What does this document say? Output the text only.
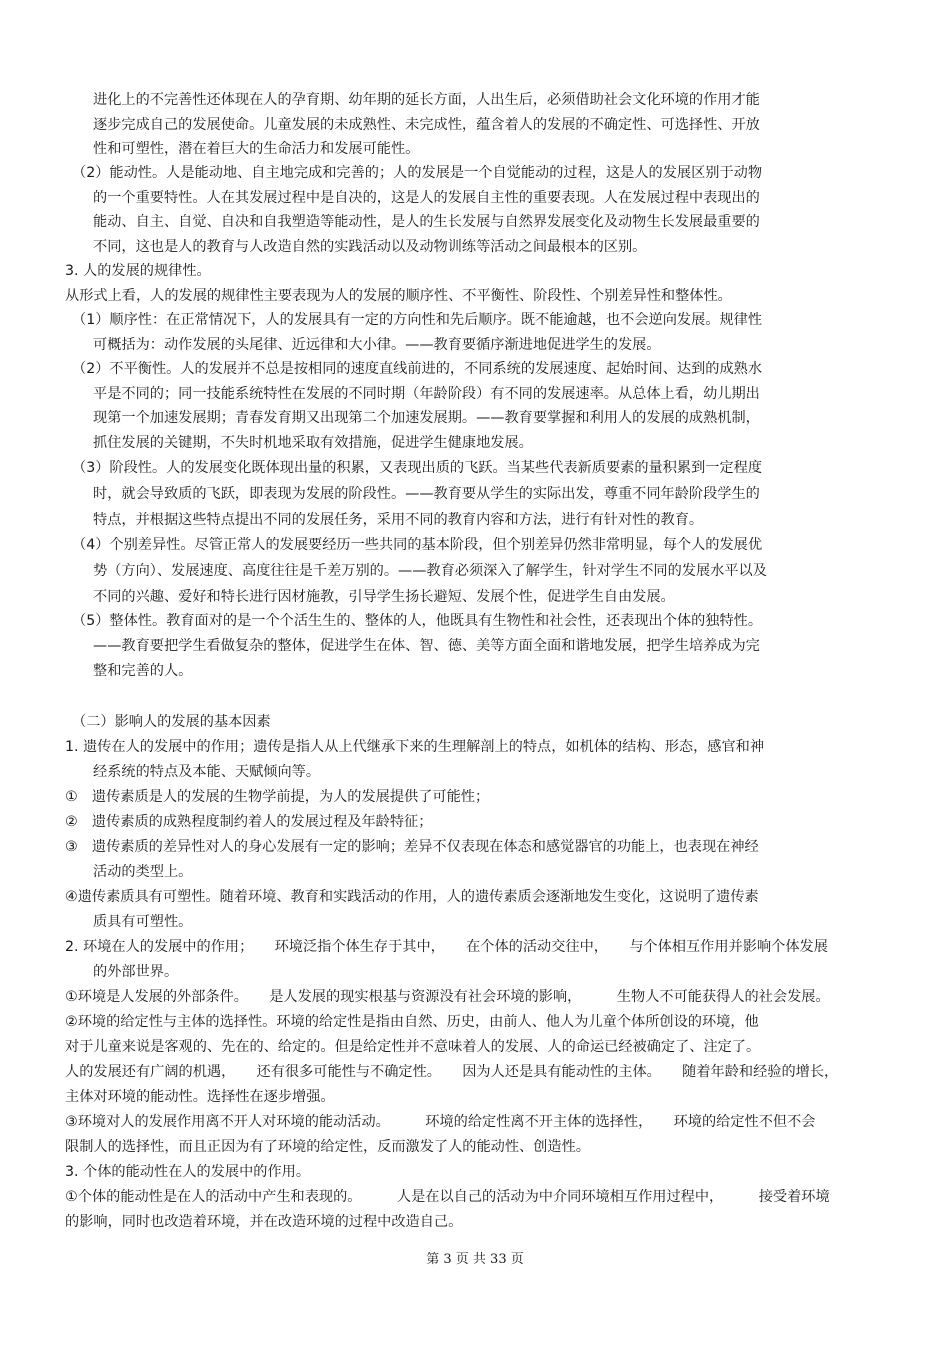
进化上的不完善性还体现在人的孕育期、幼年期的延长方面，人出生后，必须借助社会文化环境的作用才能
逐步完成自己的发展使命。儿童发展的未成熟性、未完成性，蕴含着人的发展的不确定性、可选择性、开放
性和可塑性，潜在着巨大的生命活力和发展可能性。
（2）能动性。人是能动地、自主地完成和完善的；人的发展是一个自觉能动的过程，这是人的发展区别于动物
的一个重要特性。人在其发展过程中是自决的，这是人的发展自主性的重要表现。人在发展过程中表现出的
能动、自主、自觉、自决和自我塑造等能动性，是人的生长发展与自然界发展变化及动物生长发展最重要的
不同，这也是人的教育与人改造自然的实践活动以及动物训练等活动之间最根本的区别。
3. 人的发展的规律性。
从形式上看，人的发展的规律性主要表现为人的发展的顺序性、不平衡性、阶段性、个别差异性和整体性。
（1）顺序性：在正常情况下，人的发展具有一定的方向性和先后顺序。既不能逾越，也不会逆向发展。规律性
可概括为：动作发展的头尾律、近远律和大小律。——教育要循序渐进地促进学生的发展。
（2）不平衡性。人的发展并不总是按相同的速度直线前进的，不同系统的发展速度、起始时间、达到的成熟水
平是不同的；同一技能系统特性在发展的不同时期（年龄阶段）有不同的发展速率。从总体上看，幼儿期出
现第一个加速发展期；青春发育期又出现第二个加速发展期。——教育要掌握和利用人的发展的成熟机制，
抓住发展的关键期，不失时机地采取有效措施，促进学生健康地发展。
（3）阶段性。人的发展变化既体现出量的积累，又表现出质的飞跃。当某些代表新质要素的量积累到一定程度
时，就会导致质的飞跃，即表现为发展的阶段性。——教育要从学生的实际出发，尊重不同年龄阶段学生的
特点，并根据这些特点提出不同的发展任务，采用不同的教育内容和方法，进行有针对性的教育。
（4）个别差异性。尽管正常人的发展要经历一些共同的基本阶段，但个别差异仍然非常明显，每个人的发展优
势（方向）、发展速度、高度往往是千差万别的。——教育必须深入了解学生，针对学生不同的发展水平以及
不同的兴趣、爱好和特长进行因材施教，引导学生扬长避短、发展个性，促进学生自由发展。
（5）整体性。教育面对的是一个个活生生的、整体的人，他既具有生物性和社会性，还表现出个体的独特性。
——教育要把学生看做复杂的整体，促进学生在体、智、德、美等方面全面和谐地发展，把学生培养成为完
整和完善的人。
（二）影响人的发展的基本因素
1. 遗传在人的发展中的作用；遗传是指人从上代继承下来的生理解剖上的特点，如机体的结构、形态，感官和神
经系统的特点及本能、天赋倾向等。
①　遗传素质是人的发展的生物学前提，为人的发展提供了可能性；
②　遗传素质的成熟程度制约着人的发展过程及年龄特征；
③　遗传素质的差异性对人的身心发展有一定的影响；差异不仅表现在体态和感觉器官的功能上，也表现在神经
活动的类型上。
④遗传素质具有可塑性。随着环境、教育和实践活动的作用，人的遗传素质会逐渐地发生变化，这说明了遗传素
质具有可塑性。
2. 环境在人的发展中的作用；　　环境泛指个体生存于其中，　　在个体的活动交往中，　　与个体相互作用并影响个体发展
的外部世界。
①环境是人发展的外部条件。　　是人发展的现实根基与资源没有社会环境的影响，　　　生物人不可能获得人的社会发展。
②环境的给定性与主体的选择性。环境的给定性是指由自然、历史，由前人、他人为儿童个体所创设的环境，他
对于儿童来说是客观的、先在的、给定的。但是给定性并不意味着人的发展、人的命运已经被确定了、注定了。
人的发展还有广阔的机遇，　　还有很多可能性与不确定性。　　因为人还是具有能动性的主体。　　随着年龄和经验的增长，
主体对环境的能动性。选择性在逐步增强。
③环境对人的发展作用离不开人对环境的能动活动。　　　环境的给定性离不开主体的选择性，　　环境的给定性不但不会
限制人的选择性，而且正因为有了环境的给定性，反而激发了人的能动性、创造性。
3. 个体的能动性在人的发展中的作用。
①个体的能动性是在人的活动中产生和表现的。　　　人是在以自己的活动为中介同环境相互作用过程中，　　　接受着环境
的影响，同时也改造着环境，并在改造环境的过程中改造自己。
第 3 页 共 33 页
